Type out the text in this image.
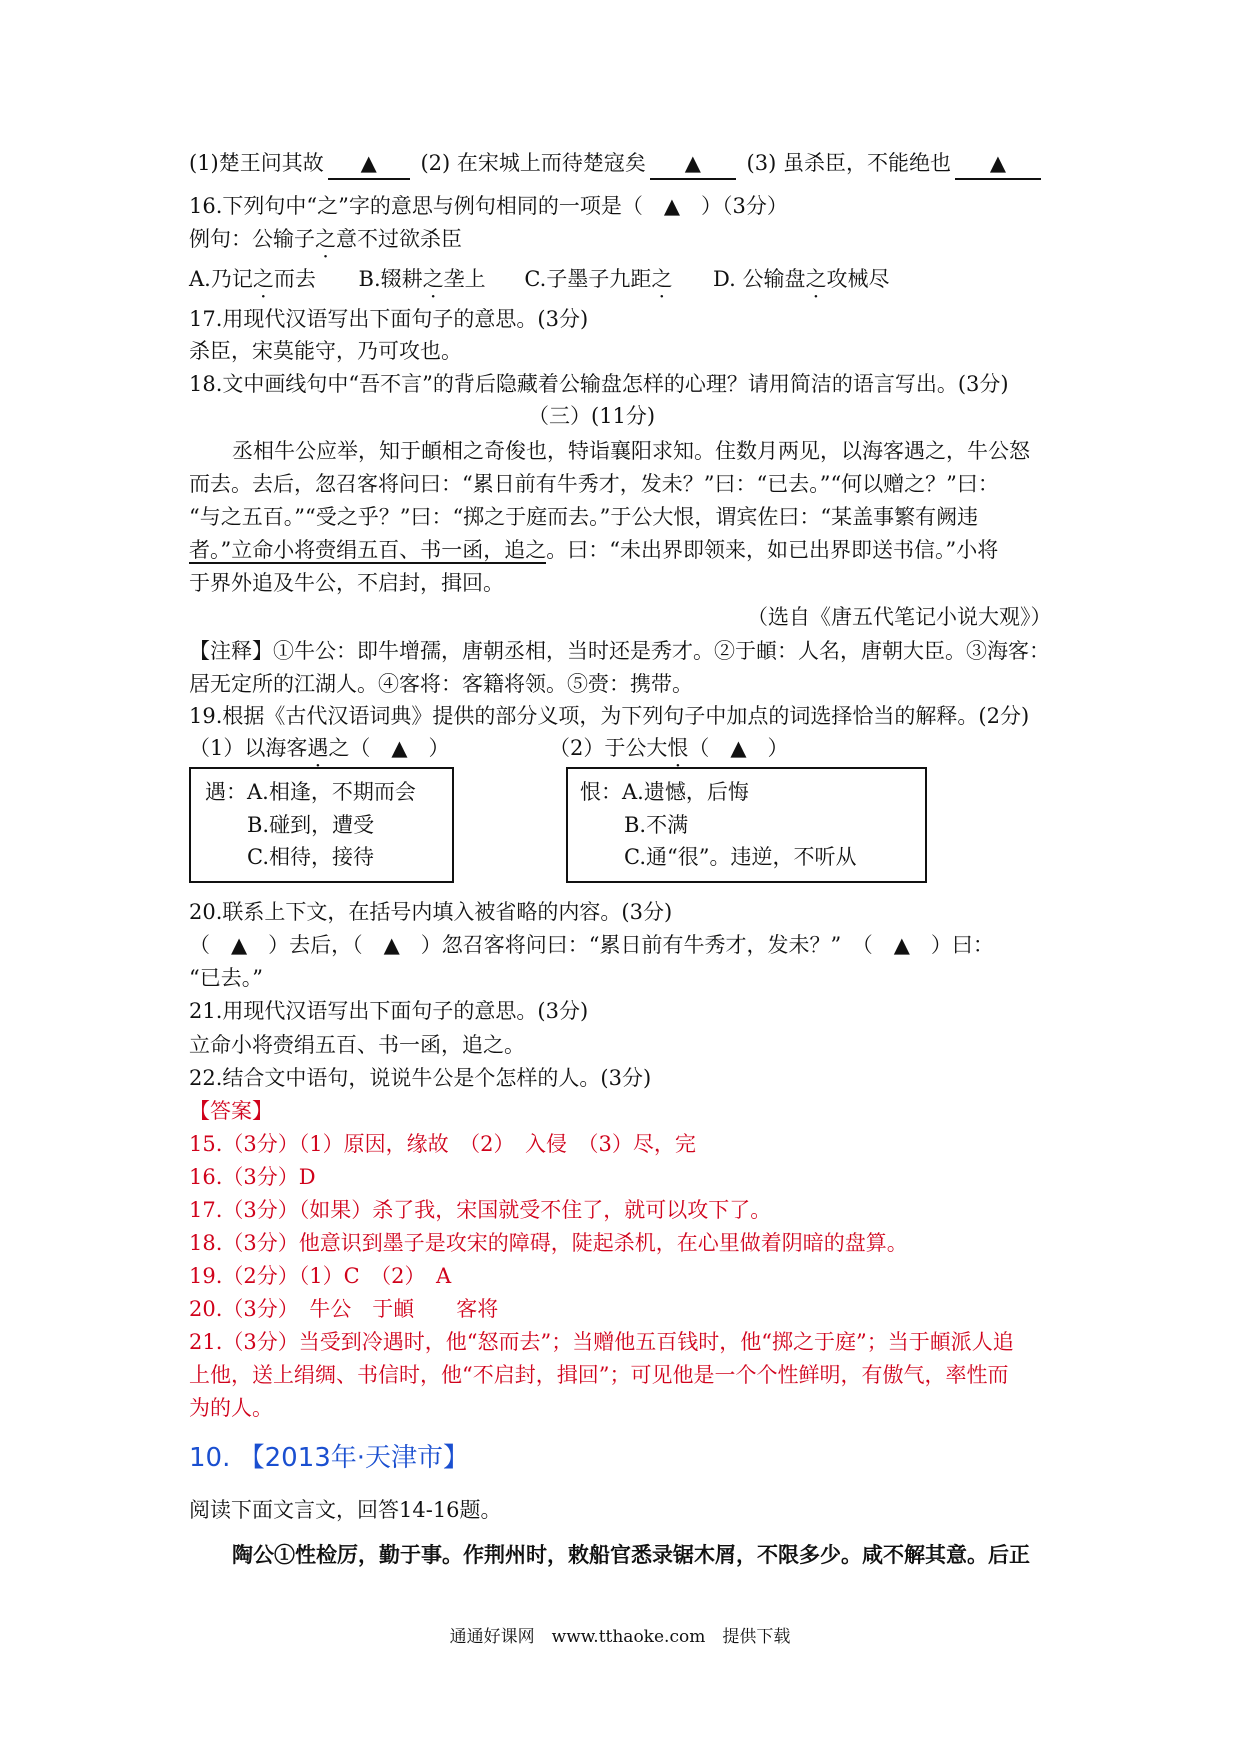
(1)楚王问其故 ▲ (2) 在宋城上而待楚寇矣 ▲ (3) 虽杀臣，不能绝也 ▲
16.下列句中“之”字的意思与例句相同的一项是（　▲　）（3分）
例句：公输子之意不过欲杀臣
A.乃记之而去 B.辍耕之垄上 C.子墨子九距之 D. 公输盘之攻械尽
17.用现代汉语写出下面句子的意思。(3分)
杀臣，宋莫能守，乃可攻也。
18.文中画线句中“吾不言”的背后隐藏着公输盘怎样的心理？请用简洁的语言写出。(3分)
（三）(11分)
丞相牛公应举，知于頔相之奇俊也，特诣襄阳求知。住数月两见，以海客遇之，牛公怒
而去。去后，忽召客将问曰：“累日前有牛秀才，发未？”曰：“已去。”“何以赠之？”曰：
“与之五百。”“受之乎？”曰：“掷之于庭而去。”于公大恨，谓宾佐曰：“某盖事繁有阙违
者。”立命小将赍绢五百、书一函，追之。曰：“未出界即领来，如已出界即送书信。”小将
于界外追及牛公，不启封，揖回。
（选自《唐五代笔记小说大观》）
【注释】①牛公：即牛增孺，唐朝丞相，当时还是秀才。②于頔：人名，唐朝大臣。③海客：
居无定所的江湖人。④客将：客籍将领。⑤赍：携带。
19.根据《古代汉语词典》提供的部分义项，为下列句子中加点的词选择恰当的解释。(2分)
（1）以海客遇之（　▲　）	（2）于公大恨（　▲　）
遇：A.相逢，不期而会
B.碰到，遭受
C.相待，接待
恨：A.遗憾，后悔
B.不满
C.通“很”。违逆，不听从
20.联系上下文，在括号内填入被省略的内容。(3分)
（　▲　）去后，（　▲　）忽召客将问曰：“累日前有牛秀才，发未？”　（　▲　）曰：
“已去。”
21.用现代汉语写出下面句子的意思。(3分)
立命小将赍绢五百、书一函，追之。
22.结合文中语句，说说牛公是个怎样的人。(3分)
【答案】
15.（3分）（1）原因，缘故　（2）　入侵　（3）尽，完
16.（3分）D
17.（3分）（如果）杀了我，宋国就受不住了，就可以攻下了。
18.（3分）他意识到墨子是攻宋的障碍，陡起杀机，在心里做着阴暗的盘算。
19.（2分）（1）C　（2）　A
20.（3分）　牛公　于頔　　客将
21.（3分）当受到冷遇时，他“怒而去”；当赠他五百钱时，他“掷之于庭”；当于頔派人追
上他，送上绢绸、书信时，他“不启封，揖回”；可见他是一个个性鲜明，有傲气，率性而
为的人。
10. 【2013年·天津市】
阅读下面文言文，回答14-16题。
陶公①性检厉，勤于事。作荆州时，敕船官悉录锯木屑，不限多少。咸不解其意。后正
通通好课网　www.tthaoke.com　提供下载
